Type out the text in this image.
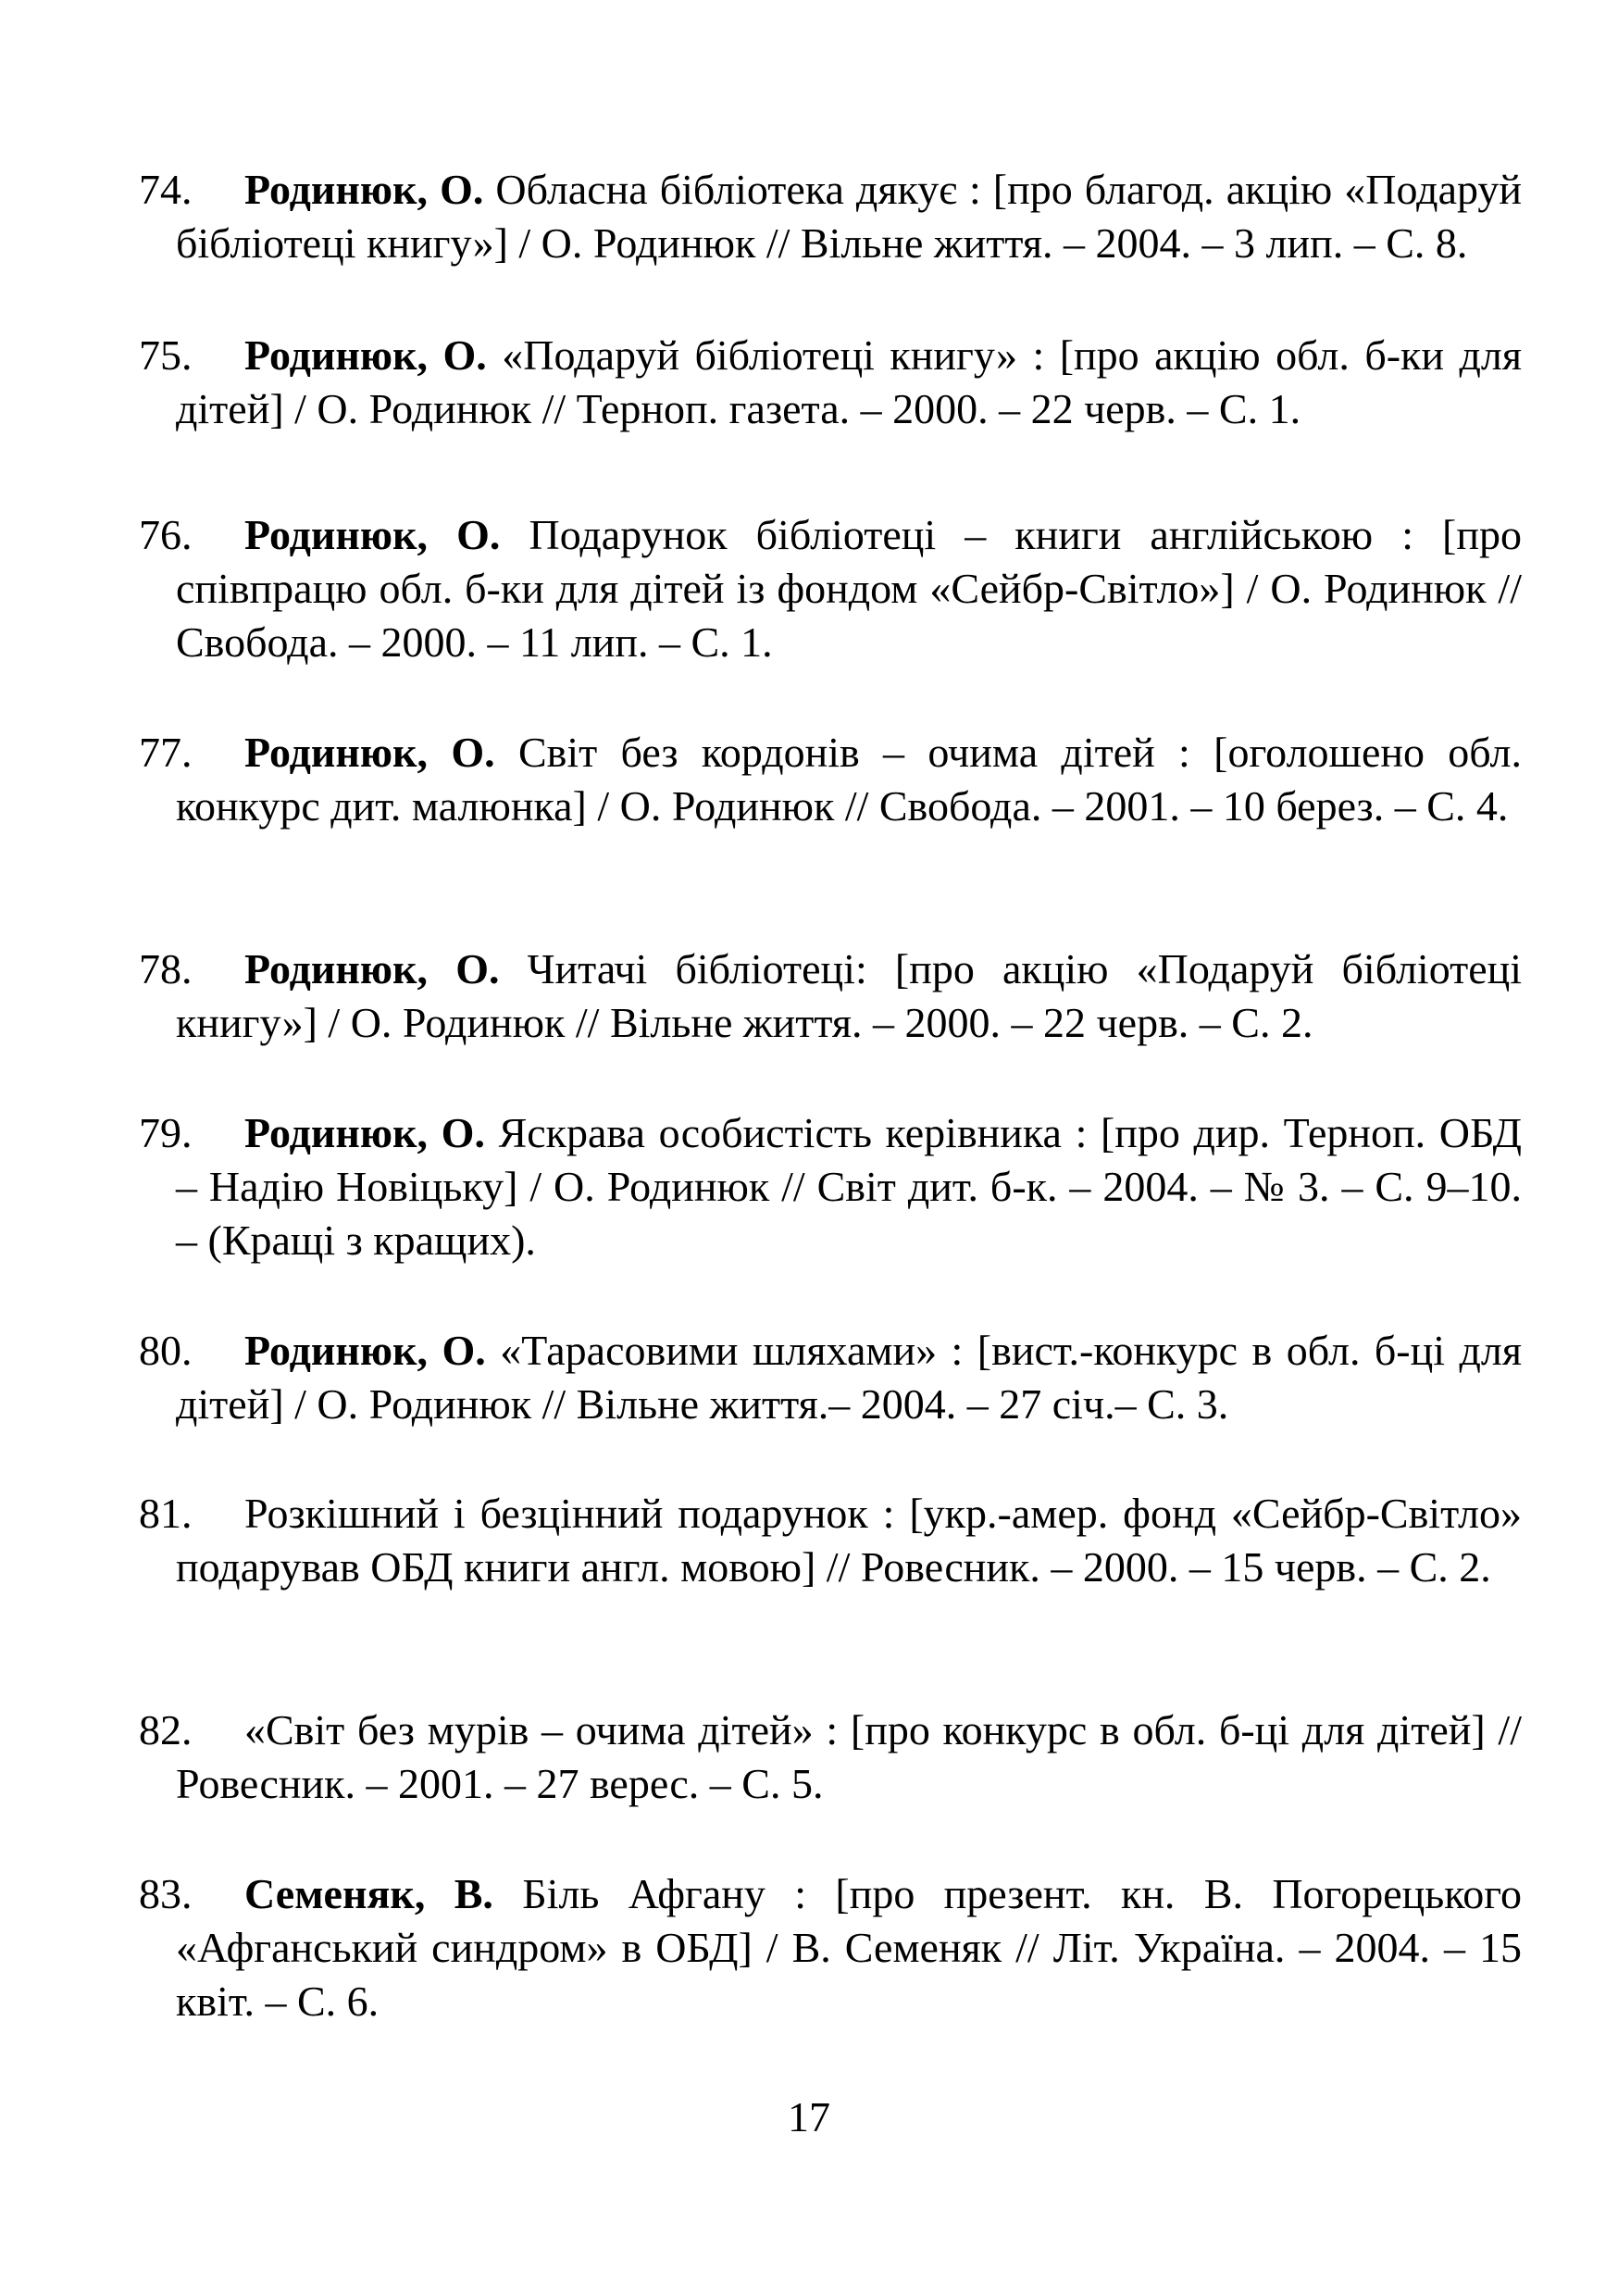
74. Родинюк, О. Обласна бібліотека дякує : [про благод. акцію «Подаруй бібліотеці книгу»] / О. Родинюк // Вільне життя. – 2004. – 3 лип. – С. 8.

75. Родинюк, О. «Подаруй бібліотеці книгу» : [про акцію обл. б-ки для дітей] / О. Родинюк // Терноп. газета. – 2000. – 22 черв. – С. 1.

76. Родинюк, О. Подарунок бібліотеці – книги англійською : [про співпрацю обл. б-ки для дітей із фондом «Сейбр-Світло»] / О. Родинюк // Свобода. – 2000. – 11 лип. – С. 1.

77. Родинюк, О. Світ без кордонів – очима дітей : [оголошено обл. конкурс дит. малюнка] / О. Родинюк // Свобода. – 2001. – 10 берез. – С. 4.

78. Родинюк, О. Читачі бібліотеці: [про акцію «Подаруй бібліотеці книгу»] / О. Родинюк // Вільне життя. – 2000. – 22 черв. – С. 2.

79. Родинюк, О. Яскрава особистість керівника : [про дир. Терноп. ОБД – Надію Новіцьку] / О. Родинюк // Світ дит. б-к. – 2004. – № 3. – С. 9–10. – (Кращі з кращих).

80. Родинюк, О. «Тарасовими шляхами» : [вист.-конкурс в обл. б-ці для дітей] / О. Родинюк // Вільне життя.– 2004. – 27 січ.– С. 3.

81. Розкішний і безцінний подарунок : [укр.-амер. фонд «Сейбр-Світло» подарував ОБД книги англ. мовою] // Ровесник. – 2000. – 15 черв. – С. 2.

82. «Світ без мурів – очима дітей» : [про конкурс в обл. б-ці для дітей] // Ровесник. – 2001. – 27 верес. – С. 5.

83. Семеняк, В. Біль Афгану : [про презент. кн. В. Погорецького «Афганський синдром» в ОБД] / В. Семеняк // Літ. Україна. – 2004. – 15 квіт. – С. 6.

17
